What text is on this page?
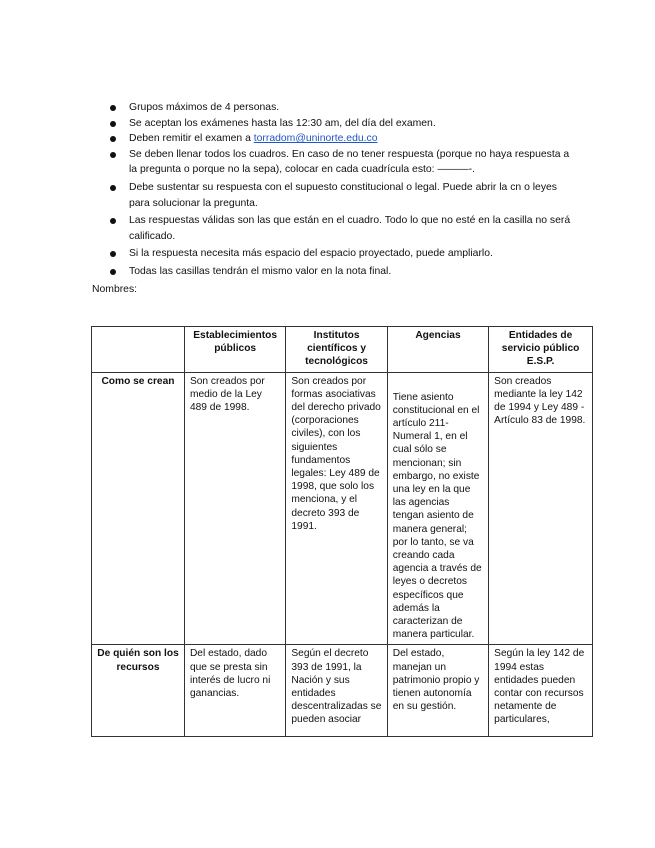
Grupos máximos de 4 personas.
Se aceptan los exámenes hasta las 12:30 am, del día del examen.
Deben remitir el examen a torradom@uninorte.edu.co
Se deben llenar todos los cuadros. En caso de no tener respuesta (porque no haya respuesta a la pregunta o porque no la sepa), colocar en cada cuadrícula esto: ———-.
Debe sustentar su respuesta con el supuesto constitucional o legal. Puede abrir la cn o leyes para solucionar la pregunta.
Las respuestas válidas son las que están en el cuadro. Todo lo que no esté en la casilla no será calificado.
Si la respuesta necesita más espacio del espacio proyectado, puede ampliarlo.
Todas las casillas tendrán el mismo valor en la nota final.
Nombres:
	Establecimientos públicos	Institutos científicos y tecnológicos	Agencias	Entidades de servicio público E.S.P.
Como se crean	Son creados por medio de la Ley 489 de 1998.	Son creados por formas asociativas del derecho privado (corporaciones civiles), con los siguientes fundamentos legales: Ley 489 de 1998, que solo los menciona, y el decreto 393 de 1991.	Tiene asiento constitucional en el artículo 211- Numeral 1, en el cual sólo se mencionan; sin embargo, no existe una ley en la que las agencias tengan asiento de manera general; por lo tanto, se va creando cada agencia a través de leyes o decretos específicos que además la caracterizan de manera particular.	Son creados mediante la ley 142 de 1994 y Ley 489 - Artículo 83 de 1998.
De quién son los recursos	Del estado, dado que se presta sin interés de lucro ni ganancias.	Según el decreto 393 de 1991, la Nación y sus entidades descentralizadas se pueden asociar	Del estado, manejan un patrimonio propio y tienen autonomía en su gestión.	Según la ley 142 de 1994 estas entidades pueden contar con recursos netamente de particulares,
